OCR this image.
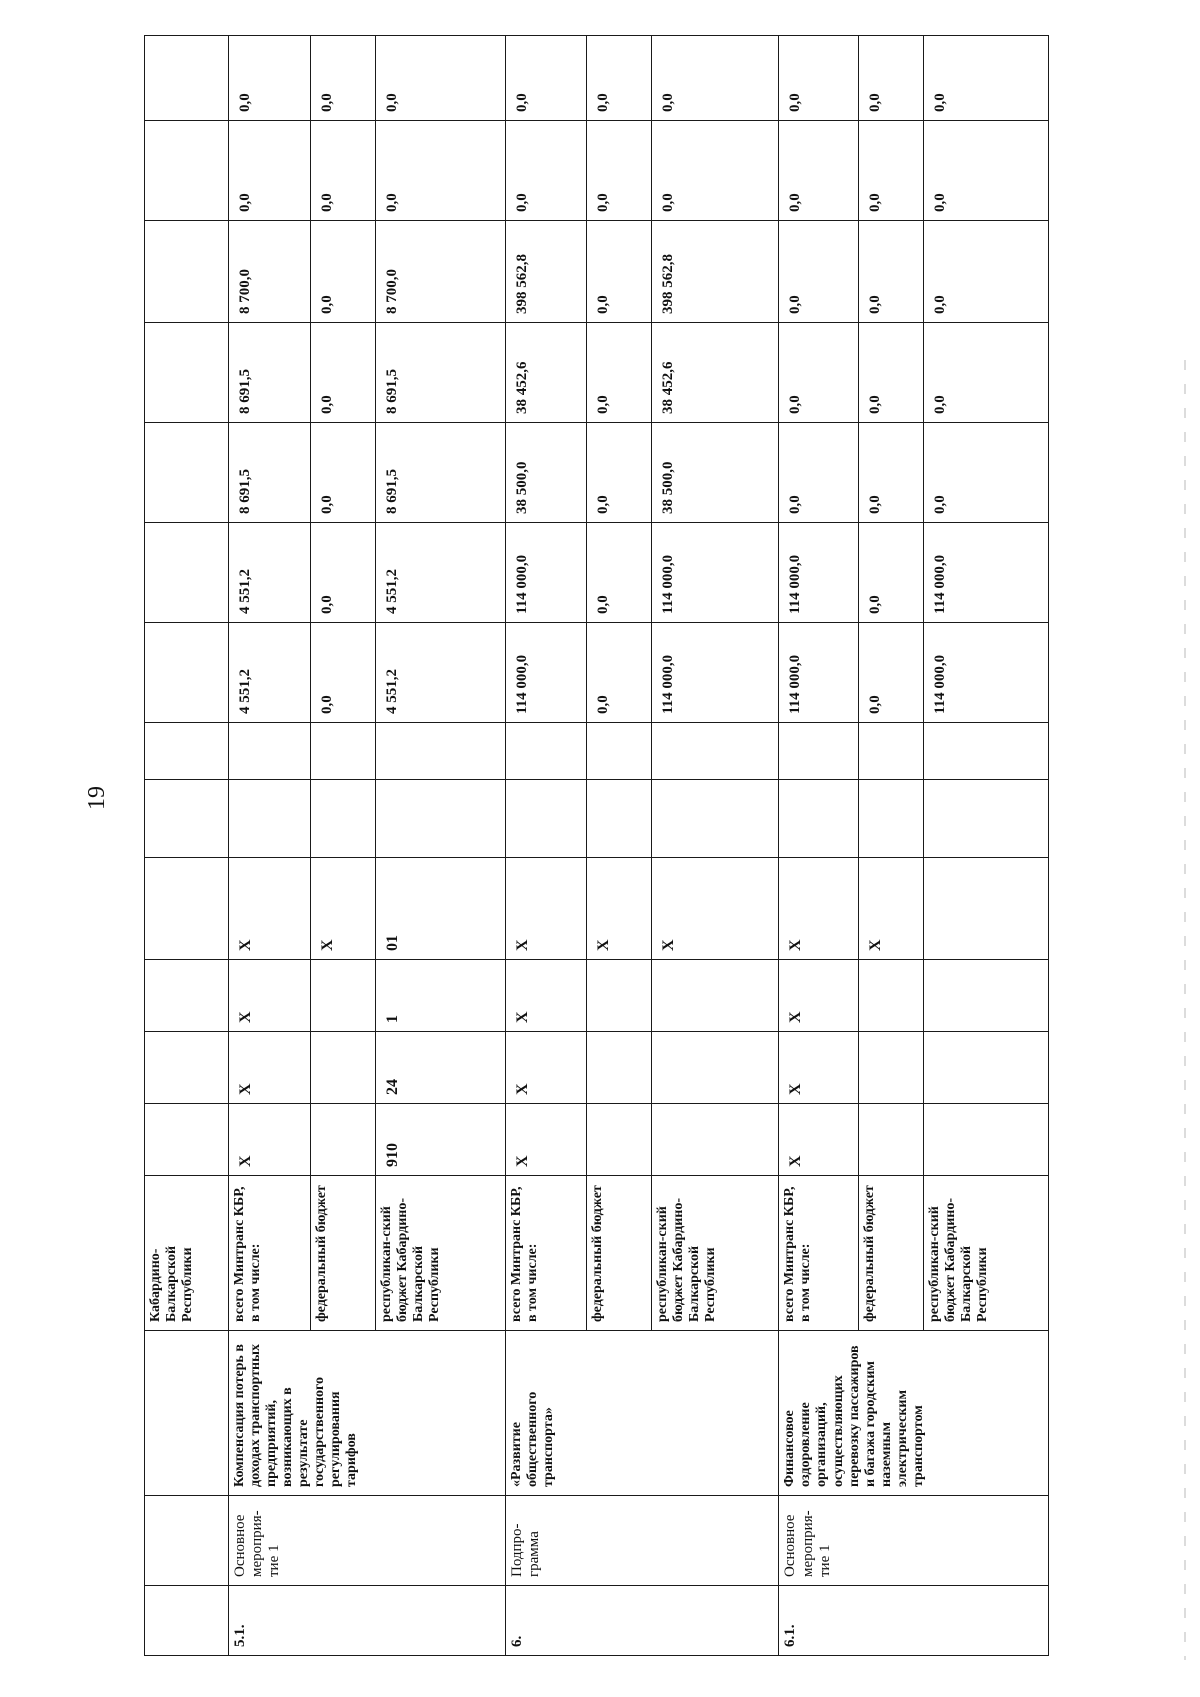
19
			Кабардино-Балкарской Республики													
5.1.	Основное мероприя-тие 1	Компенсация потерь в доходах транспортных предприятий, возникающих в результате государственного регулирования тарифов	всего Минтранс КБР, в том числе:	Х	Х	Х	Х			4 551,2	4 551,2	8 691,5	8 691,5	8 700,0	0,0	0,0
			федеральный бюджет				Х			0,0	0,0	0,0	0,0	0,0	0,0	0,0
			республикан-ский бюджет Кабардино-Балкарской Республики	910	24	1	01			4 551,2	4 551,2	8 691,5	8 691,5	8 700,0	0,0	0,0
6.	Подпро-грамма	«Развитие общественного транспорта»	всего Минтранс КБР, в том числе:	Х	Х	Х	Х			114 000,0	114 000,0	38 500,0	38 452,6	398 562,8	0,0	0,0
			федеральный бюджет				Х			0,0	0,0	0,0	0,0	0,0	0,0	0,0
			республикан-ский бюджет Кабардино-Балкарской Республики				Х			114 000,0	114 000,0	38 500,0	38 452,6	398 562,8	0,0	0,0
6.1.	Основное мероприя-тие 1	Финансовое оздоровление организаций, осуществляющих перевозку пассажиров и багажа городским наземным электрическим транспортом	всего Минтранс КБР, в том числе:	Х	Х	Х	Х			114 000,0	114 000,0	0,0	0,0	0,0	0,0	0,0
			федеральный бюджет				Х			0,0	0,0	0,0	0,0	0,0	0,0	0,0
			республикан-ский бюджет Кабардино-Балкарской Республики							114 000,0	114 000,0	0,0	0,0	0,0	0,0	0,0
